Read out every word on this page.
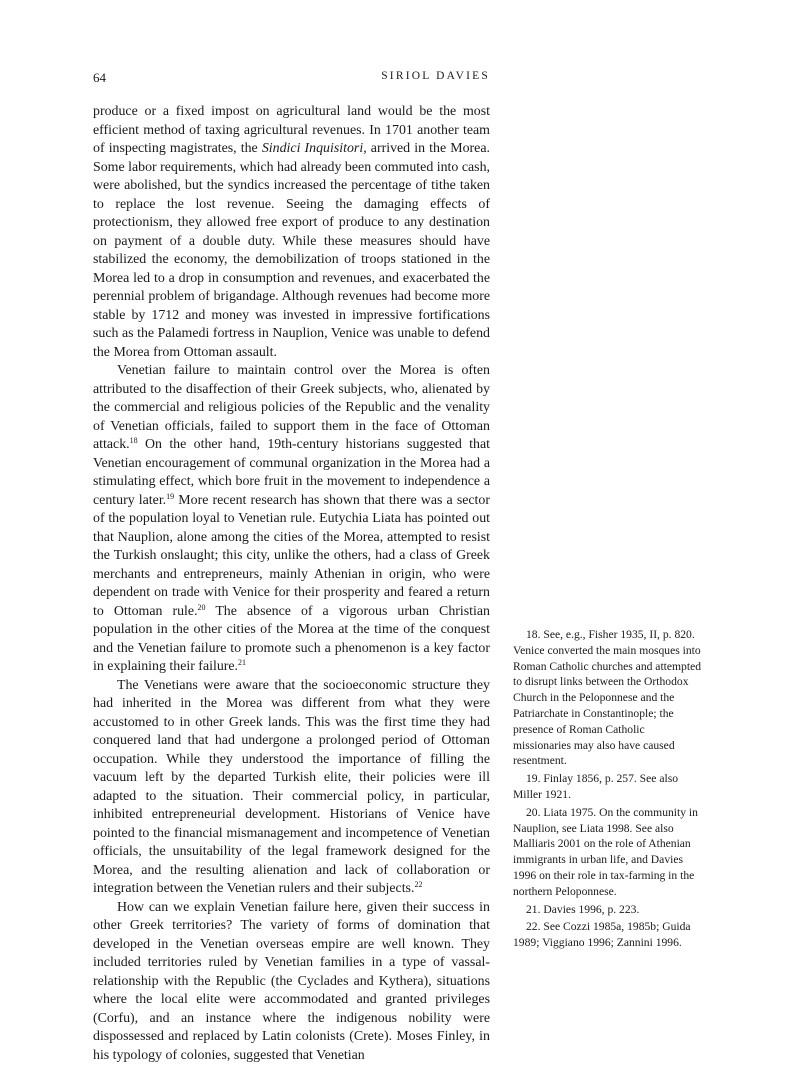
64	SIRIOL DAVIES

produce or a fixed impost on agricultural land would be the most efficient method of taxing agricultural revenues. In 1701 another team of inspecting magistrates, the Sindici Inquisitori, arrived in the Morea. Some labor requirements, which had already been commuted into cash, were abolished, but the syndics increased the percentage of tithe taken to replace the lost revenue. Seeing the damaging effects of protectionism, they allowed free export of produce to any destination on payment of a double duty. While these measures should have stabilized the economy, the demobilization of troops stationed in the Morea led to a drop in consumption and revenues, and exacerbated the perennial problem of brigandage. Although revenues had become more stable by 1712 and money was invested in impressive fortifications such as the Palamedi fortress in Nauplion, Venice was unable to defend the Morea from Ottoman assault.

Venetian failure to maintain control over the Morea is often attributed to the disaffection of their Greek subjects, who, alienated by the commercial and religious policies of the Republic and the venality of Venetian officials, failed to support them in the face of Ottoman attack.$^{18}$ On the other hand, 19th-century historians suggested that Venetian encouragement of communal organization in the Morea had a stimulating effect, which bore fruit in the movement to independence a century later.$^{19}$ More recent research has shown that there was a sector of the population loyal to Venetian rule. Eutychia Liata has pointed out that Nauplion, alone among the cities of the Morea, attempted to resist the Turkish onslaught; this city, unlike the others, had a class of Greek merchants and entrepreneurs, mainly Athenian in origin, who were dependent on trade with Venice for their prosperity and feared a return to Ottoman rule.$^{20}$ The absence of a vigorous urban Christian population in the other cities of the Morea at the time of the conquest and the Venetian failure to promote such a phenomenon is a key factor in explaining their failure.$^{21}$

The Venetians were aware that the socioeconomic structure they had inherited in the Morea was different from what they were accustomed to in other Greek lands. This was the first time they had conquered land that had undergone a prolonged period of Ottoman occupation. While they understood the importance of filling the vacuum left by the departed Turkish elite, their policies were ill adapted to the situation. Their commercial policy, in particular, inhibited entrepreneurial development. Historians of Venice have pointed to the financial mismanagement and incompetence of Venetian officials, the unsuitability of the legal framework designed for the Morea, and the resulting alienation and lack of collaboration or integration between the Venetian rulers and their subjects.$^{22}$

How can we explain Venetian failure here, given their success in other Greek territories? The variety of forms of domination that developed in the Venetian overseas empire are well known. They included territories ruled by Venetian families in a type of vassal-relationship with the Republic (the Cyclades and Kythera), situations where the local elite were accommodated and granted privileges (Corfu), and an instance where the indigenous nobility were dispossessed and replaced by Latin colonists (Crete). Moses Finley, in his typology of colonies, suggested that Venetian

18. See, e.g., Fisher 1935, II, p. 820. Venice converted the main mosques into Roman Catholic churches and attempted to disrupt links between the Orthodox Church in the Peloponnese and the Patriarchate in Constantinople; the presence of Roman Catholic missionaries may also have caused resentment.

19. Finlay 1856, p. 257. See also Miller 1921.

20. Liata 1975. On the community in Nauplion, see Liata 1998. See also Malliaris 2001 on the role of Athenian immigrants in urban life, and Davies 1996 on their role in tax-farming in the northern Peloponnese.

21. Davies 1996, p. 223.

22. See Cozzi 1985a, 1985b; Guida 1989; Viggiano 1996; Zannini 1996.
